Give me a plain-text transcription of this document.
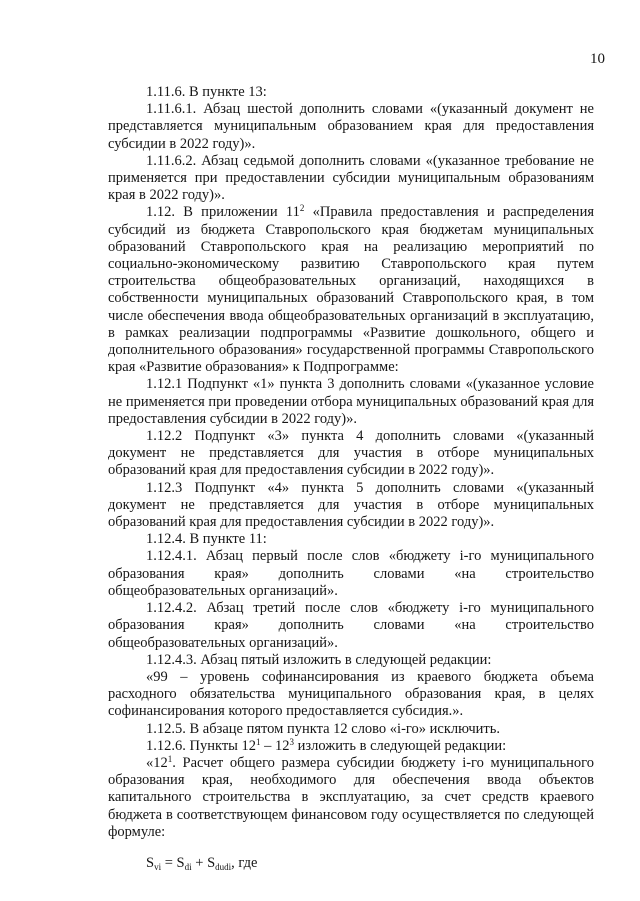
10

1.11.6. В пункте 13:

1.11.6.1. Абзац шестой дополнить словами «(указанный документ не представляется муниципальным образованием края для предоставления субсидии в 2022 году)».

1.11.6.2. Абзац седьмой дополнить словами «(указанное требование не применяется при предоставлении субсидии муниципальным образованиям края в 2022 году)».

1.12. В приложении $11^2$ «Правила предоставления и распределения субсидий из бюджета Ставропольского края бюджетам муниципальных образований Ставропольского края на реализацию мероприятий по социально-экономическому развитию Ставропольского края путем строительства общеобразовательных организаций, находящихся в собственности муниципальных образований Ставропольского края, в том числе обеспечения ввода общеобразовательных организаций в эксплуатацию, в рамках реализации подпрограммы «Развитие дошкольного, общего и дополнительного образования» государственной программы Ставропольского края «Развитие образования» к Подпрограмме:

1.12.1 Подпункт «1» пункта 3 дополнить словами «(указанное условие не применяется при проведении отбора муниципальных образований края для предоставления субсидии в 2022 году)».

1.12.2 Подпункт «3» пункта 4 дополнить словами «(указанный документ не представляется для участия в отборе муниципальных образований края для предоставления субсидии в 2022 году)».

1.12.3 Подпункт «4» пункта 5 дополнить словами «(указанный документ не представляется для участия в отборе муниципальных образований края для предоставления субсидии в 2022 году)».

1.12.4. В пункте 11:

1.12.4.1. Абзац первый после слов «бюджету i-го муниципального образования края» дополнить словами «на строительство общеобразовательных организаций».

1.12.4.2. Абзац третий после слов «бюджету i-го муниципального образования края» дополнить словами «на строительство общеобразовательных организаций».

1.12.4.3. Абзац пятый изложить в следующей редакции:

«99 – уровень софинансирования из краевого бюджета объема расходного обязательства муниципального образования края, в целях софинансирования которого предоставляется субсидия.».

1.12.5. В абзаце пятом пункта 12 слово «i-го» исключить.

1.12.6. Пункты $12^1 - 12^3$ изложить в следующей редакции:

«$12^1$. Расчет общего размера субсидии бюджету i-го муниципального образования края, необходимого для обеспечения ввода объектов капитального строительства в эксплуатацию, за счет средств краевого бюджета в соответствующем финансовом году осуществляется по следующей формуле:

$S_{vi} = S_{di} + S_{dudi}$, где
